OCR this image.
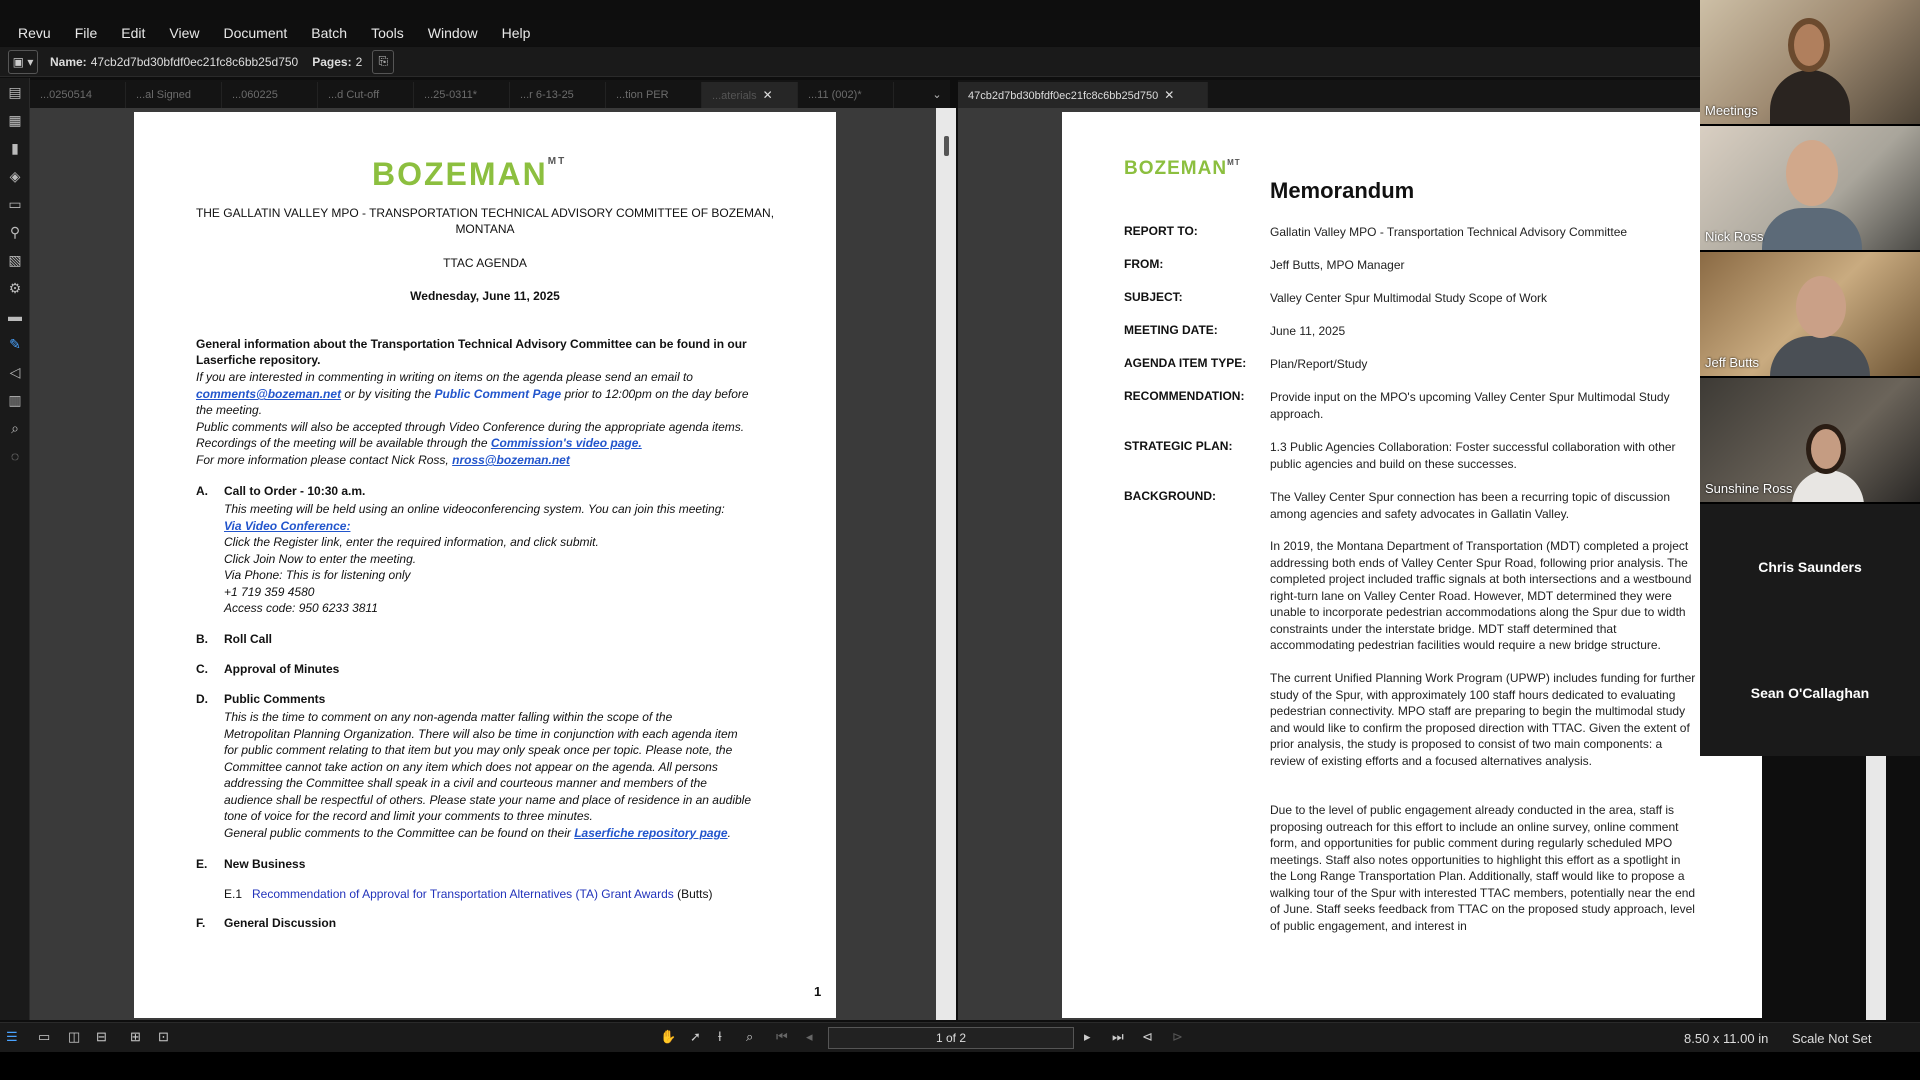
Revu	File	Edit	View	Document	Batch	Tools	Window	Help
▣ ▾	Name: 47cb2d7bd30bfdf0ec21fc8c6bb25d750 Pages: 2	⎘
▤
▦
▮
◈
▭
⚲
▧
⚙
▬
✎
◁
▥
⌕
◌
...0250514	...al Signed	...060225	...d Cut-off	...25-0311*	...r 6-13-25	...tion PER	...aterials ✕	...11 (002)*	⌄	47cb2d7bd30bfdf0ec21fc8c6bb25d750 ✕
$BOZEMAN^{MT}$
THE GALLATIN VALLEY MPO - TRANSPORTATION TECHNICAL ADVISORY COMMITTEE OF BOZEMAN,
MONTANA
TTAC AGENDA
Wednesday, June 11, 2025
General information about the Transportation Technical Advisory Committee can be found in our
Laserfiche repository.
If you are interested in commenting in writing on items on the agenda please send an email to
comments@bozeman.net or by visiting the Public Comment Page prior to 12:00pm on the day before
the meeting.
Public comments will also be accepted through Video Conference during the appropriate agenda items.
Recordings of the meeting will be available through the Commission's video page.
For more information please contact Nick Ross, nross@bozeman.net
A. Call to Order - 10:30 a.m.
This meeting will be held using an online videoconferencing system. You can join this meeting:
Via Video Conference:
Click the Register link, enter the required information, and click submit.
Click Join Now to enter the meeting.
Via Phone: This is for listening only
+1 719 359 4580
Access code: 950 6233 3811
B. Roll Call
C. Approval of Minutes
D. Public Comments
This is the time to comment on any non-agenda matter falling within the scope of the
Metropolitan Planning Organization. There will also be time in conjunction with each agenda item
for public comment relating to that item but you may only speak once per topic. Please note, the
Committee cannot take action on any item which does not appear on the agenda. All persons
addressing the Committee shall speak in a civil and courteous manner and members of the
audience shall be respectful of others. Please state your name and place of residence in an audible
tone of voice for the record and limit your comments to three minutes.
General public comments to the Committee can be found on their Laserfiche repository page.
E. New Business
E.1 Recommendation of Approval for Transportation Alternatives (TA) Grant Awards (Butts)
F. General Discussion
1
$BOZEMAN^{MT}$
Memorandum
REPORT TO:	Gallatin Valley MPO - Transportation Technical Advisory Committee
FROM:	Jeff Butts, MPO Manager
SUBJECT:	Valley Center Spur Multimodal Study Scope of Work
MEETING DATE:	June 11, 2025
AGENDA ITEM TYPE: Plan/Report/Study
RECOMMENDATION: Provide input on the MPO's upcoming Valley Center Spur Multimodal Study approach.
STRATEGIC PLAN:	1.3 Public Agencies Collaboration: Foster successful collaboration with other public agencies and build on these successes.
BACKGROUND:	The Valley Center Spur connection has been a recurring topic of discussion among agencies and safety advocates in Gallatin Valley.
In 2019, the Montana Department of Transportation (MDT) completed a project addressing both ends of Valley Center Spur Road, following prior analysis. The completed project included traffic signals at both intersections and a westbound right-turn lane on Valley Center Road. However, MDT determined they were unable to incorporate pedestrian accommodations along the Spur due to width constraints under the interstate bridge. MDT staff determined that accommodating pedestrian facilities would require a new bridge structure.
The current Unified Planning Work Program (UPWP) includes funding for further study of the Spur, with approximately 100 staff hours dedicated to evaluating pedestrian connectivity. MPO staff are preparing to begin the multimodal study and would like to confirm the proposed direction with TTAC. Given the extent of prior analysis, the study is proposed to consist of two main components: a review of existing efforts and a focused alternatives analysis.
Due to the level of public engagement already conducted in the area, staff is proposing outreach for this effort to include an online survey, online comment form, and opportunities for public comment during regularly scheduled MPO meetings. Staff also notes opportunities to highlight this effort as a spotlight in the Long Range Transportation Plan. Additionally, staff would like to propose a walking tour of the Spur with interested TTAC members, potentially near the end of June. Staff seeks feedback from TTAC on the proposed study approach, level of public engagement, and interest in
☰ ▭ ◫ ⊟ ⊞ ⊡	✋ ➚ Ɨ ⌕ ⏮ ◂	1 of 2	▸ ⏭ ⊲ ⊳	8.50 x 11.00 in Scale Not Set
Meetings
Nick Ross
Jeff Butts
Sunshine Ross
Chris Saunders
Sean O'Callaghan
